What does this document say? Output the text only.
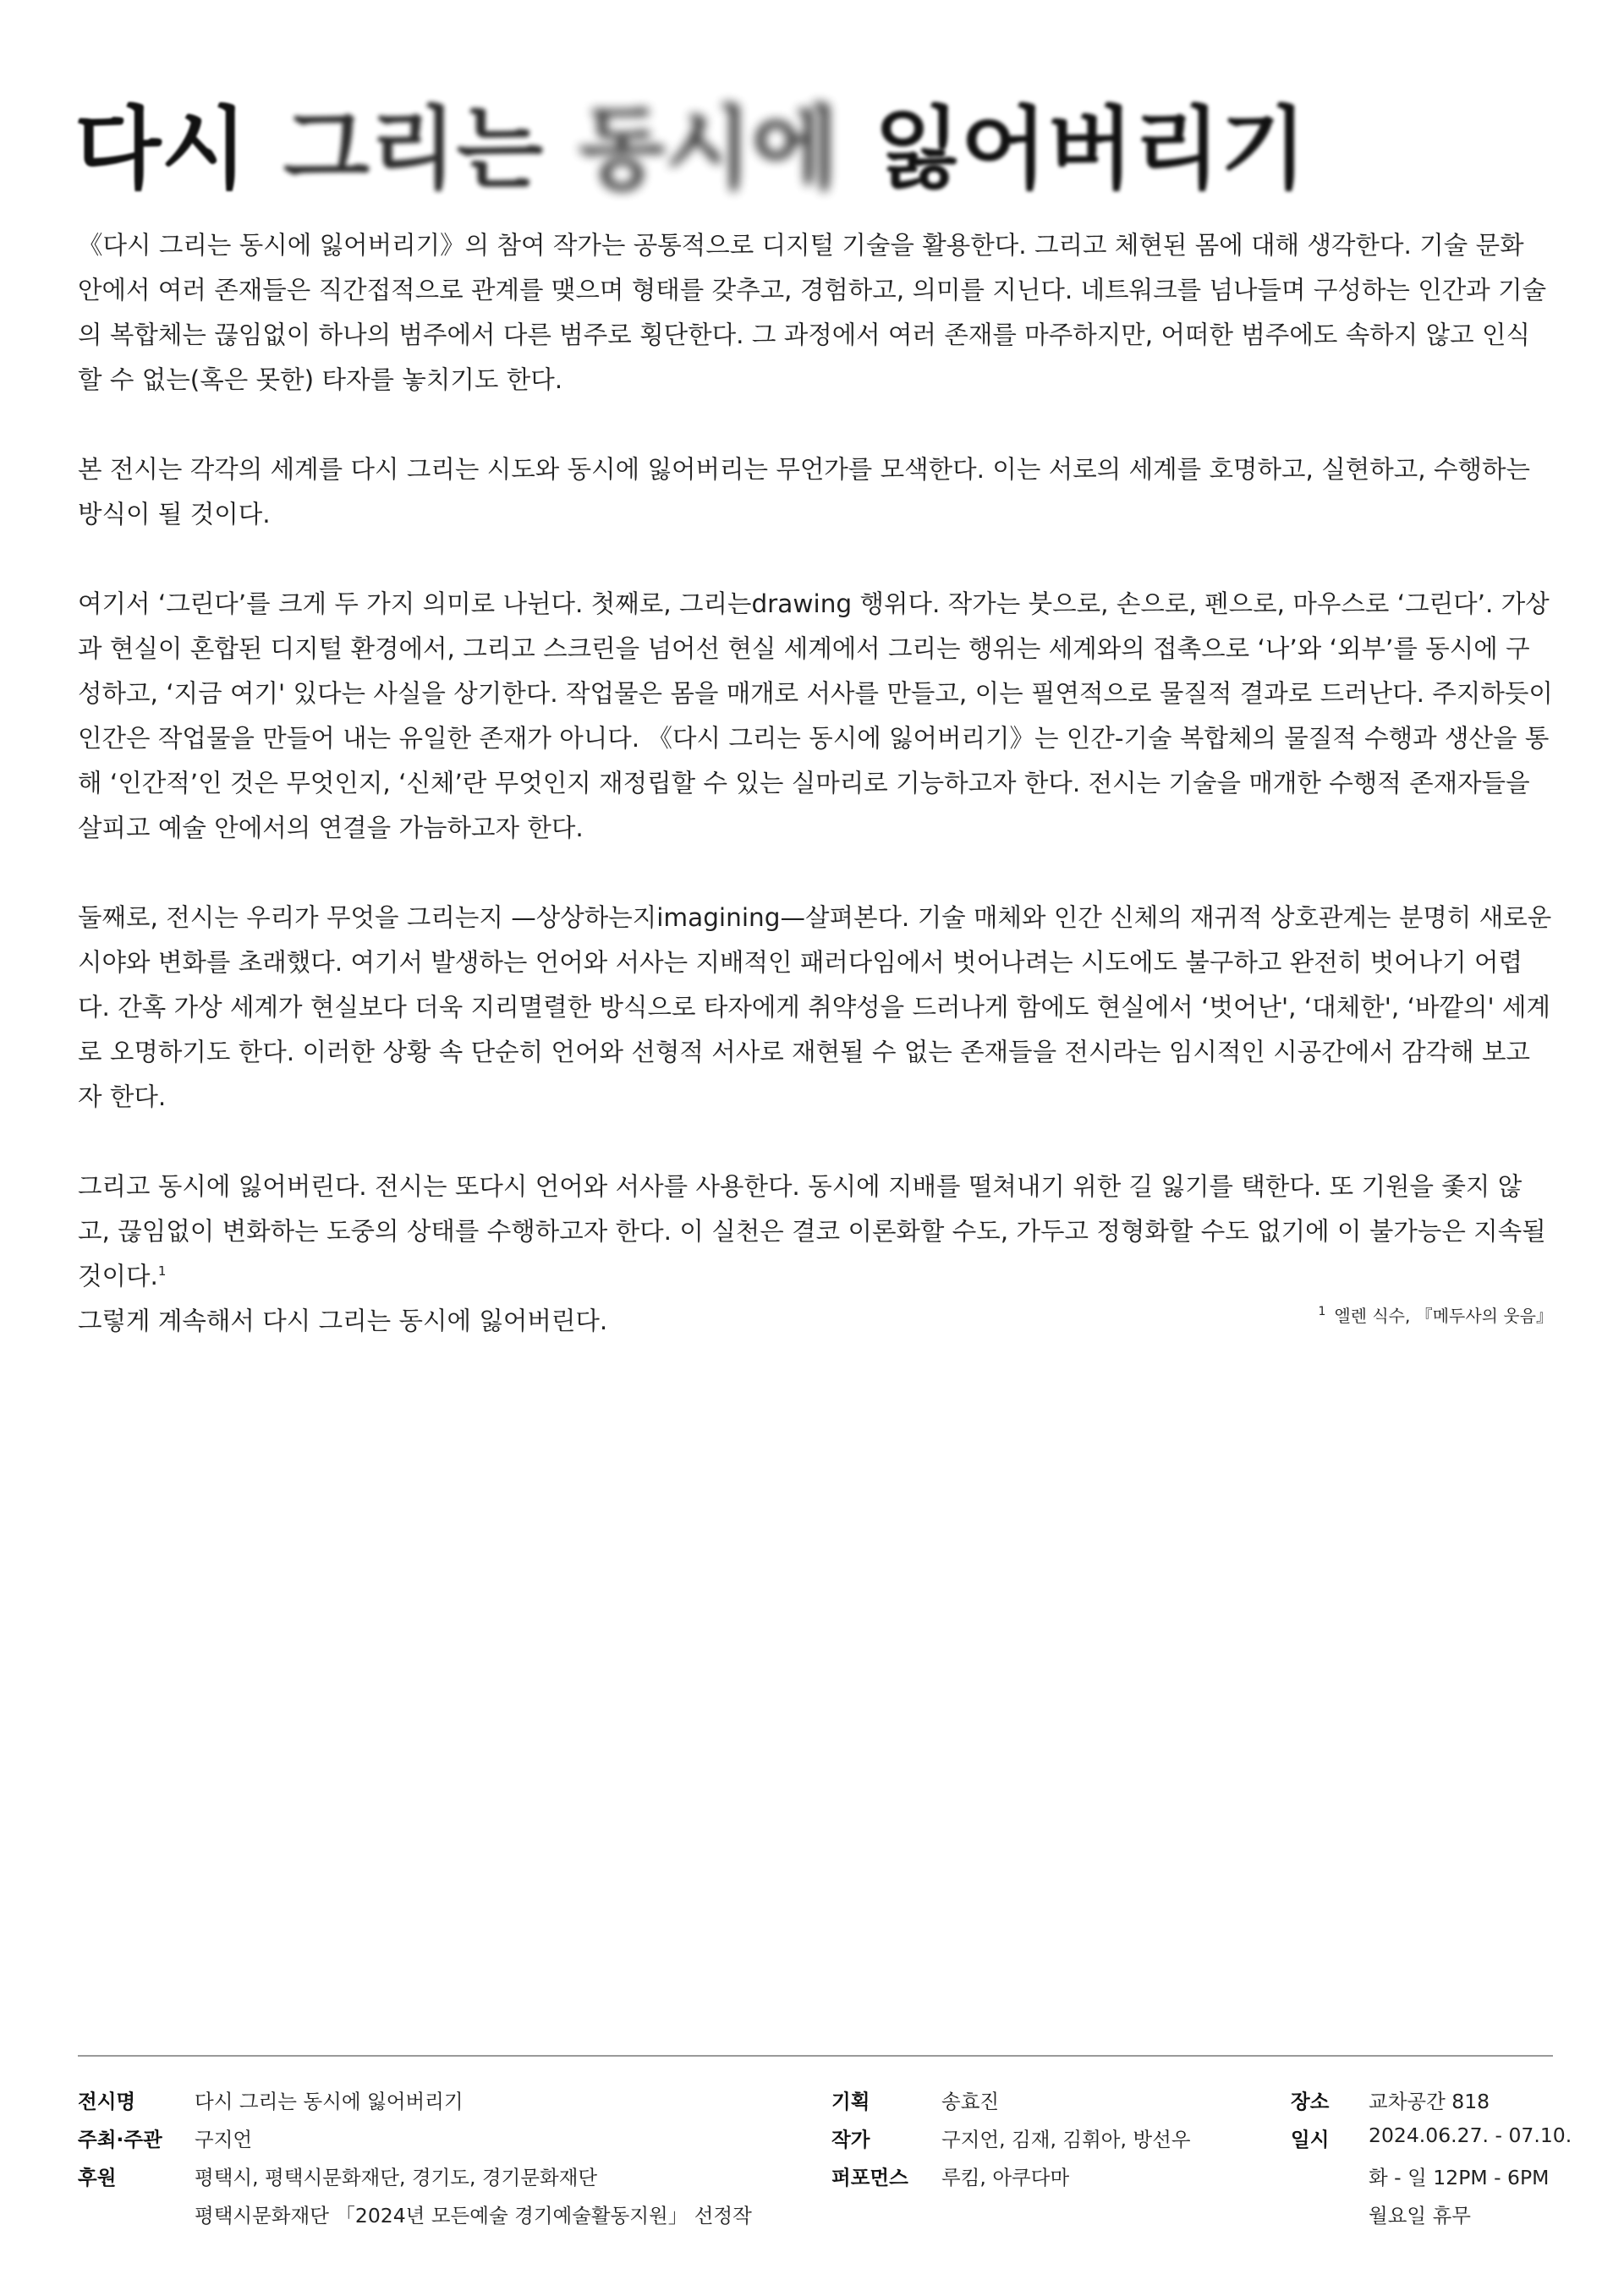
다시 그리는 동시에 잃어버리기

《다시 그리는 동시에 잃어버리기》의 참여 작가는 공통적으로 디지털 기술을 활용한다. 그리고 체현된 몸에 대해 생각한다. 기술 문화 안에서 여러 존재들은 직간접적으로 관계를 맺으며 형태를 갖추고, 경험하고, 의미를 지닌다. 네트워크를 넘나들며 구성하는 인간과 기술의 복합체는 끊임없이 하나의 범주에서 다른 범주로 횡단한다. 그 과정에서 여러 존재를 마주하지만, 어떠한 범주에도 속하지 않고 인식할 수 없는(혹은 못한) 타자를 놓치기도 한다.

본 전시는 각각의 세계를 다시 그리는 시도와 동시에 잃어버리는 무언가를 모색한다. 이는 서로의 세계를 호명하고, 실현하고, 수행하는 방식이 될 것이다.

여기서 ‘그린다’를 크게 두 가지 의미로 나뉜다. 첫째로, 그리는drawing 행위다. 작가는 붓으로, 손으로, 펜으로, 마우스로 ‘그린다’. 가상과 현실이 혼합된 디지털 환경에서, 그리고 스크린을 넘어선 현실 세계에서 그리는 행위는 세계와의 접촉으로 ‘나’와 ‘외부’를 동시에 구성하고, ‘지금 여기' 있다는 사실을 상기한다. 작업물은 몸을 매개로 서사를 만들고, 이는 필연적으로 물질적 결과로 드러난다. 주지하듯이 인간은 작업물을 만들어 내는 유일한 존재가 아니다. 《다시 그리는 동시에 잃어버리기》는 인간-기술 복합체의 물질적 수행과 생산을 통해 ‘인간적’인 것은 무엇인지, ‘신체’란 무엇인지 재정립할 수 있는 실마리로 기능하고자 한다. 전시는 기술을 매개한 수행적 존재자들을 살피고 예술 안에서의 연결을 가늠하고자 한다.

둘째로, 전시는 우리가 무엇을 그리는지 —상상하는지imagining—살펴본다. 기술 매체와 인간 신체의 재귀적 상호관계는 분명히 새로운 시야와 변화를 초래했다. 여기서 발생하는 언어와 서사는 지배적인 패러다임에서 벗어나려는 시도에도 불구하고 완전히 벗어나기 어렵다. 간혹 가상 세계가 현실보다 더욱 지리멸렬한 방식으로 타자에게 취약성을 드러나게 함에도 현실에서 ‘벗어난', ‘대체한', ‘바깥의' 세계로 오명하기도 한다. 이러한 상황 속 단순히 언어와 선형적 서사로 재현될 수 없는 존재들을 전시라는 임시적인 시공간에서 감각해 보고자 한다.

그리고 동시에 잃어버린다. 전시는 또다시 언어와 서사를 사용한다. 동시에 지배를 떨쳐내기 위한 길 잃기를 택한다. 또 기원을 좇지 않고, 끊임없이 변화하는 도중의 상태를 수행하고자 한다. 이 실천은 결코 이론화할 수도, 가두고 정형화할 수도 없기에 이 불가능은 지속될 것이다.$^1$
그렇게 계속해서 다시 그리는 동시에 잃어버린다.	$^1$ 엘렌 식수, 『메두사의 웃음』
전시명	다시 그리는 동시에 잃어버리기
주최·주관	구지언
후원	평택시, 평택시문화재단, 경기도, 경기문화재단
평택시문화재단 「2024년 모든예술 경기예술활동지원」 선정작
기획	송효진
작가	구지언, 김재, 김휘아, 방선우
퍼포먼스	루킴, 아쿠다마
장소	교차공간 818
일시	2024.06.27. - 07.10.
화 - 일 12PM - 6PM
월요일 휴무
